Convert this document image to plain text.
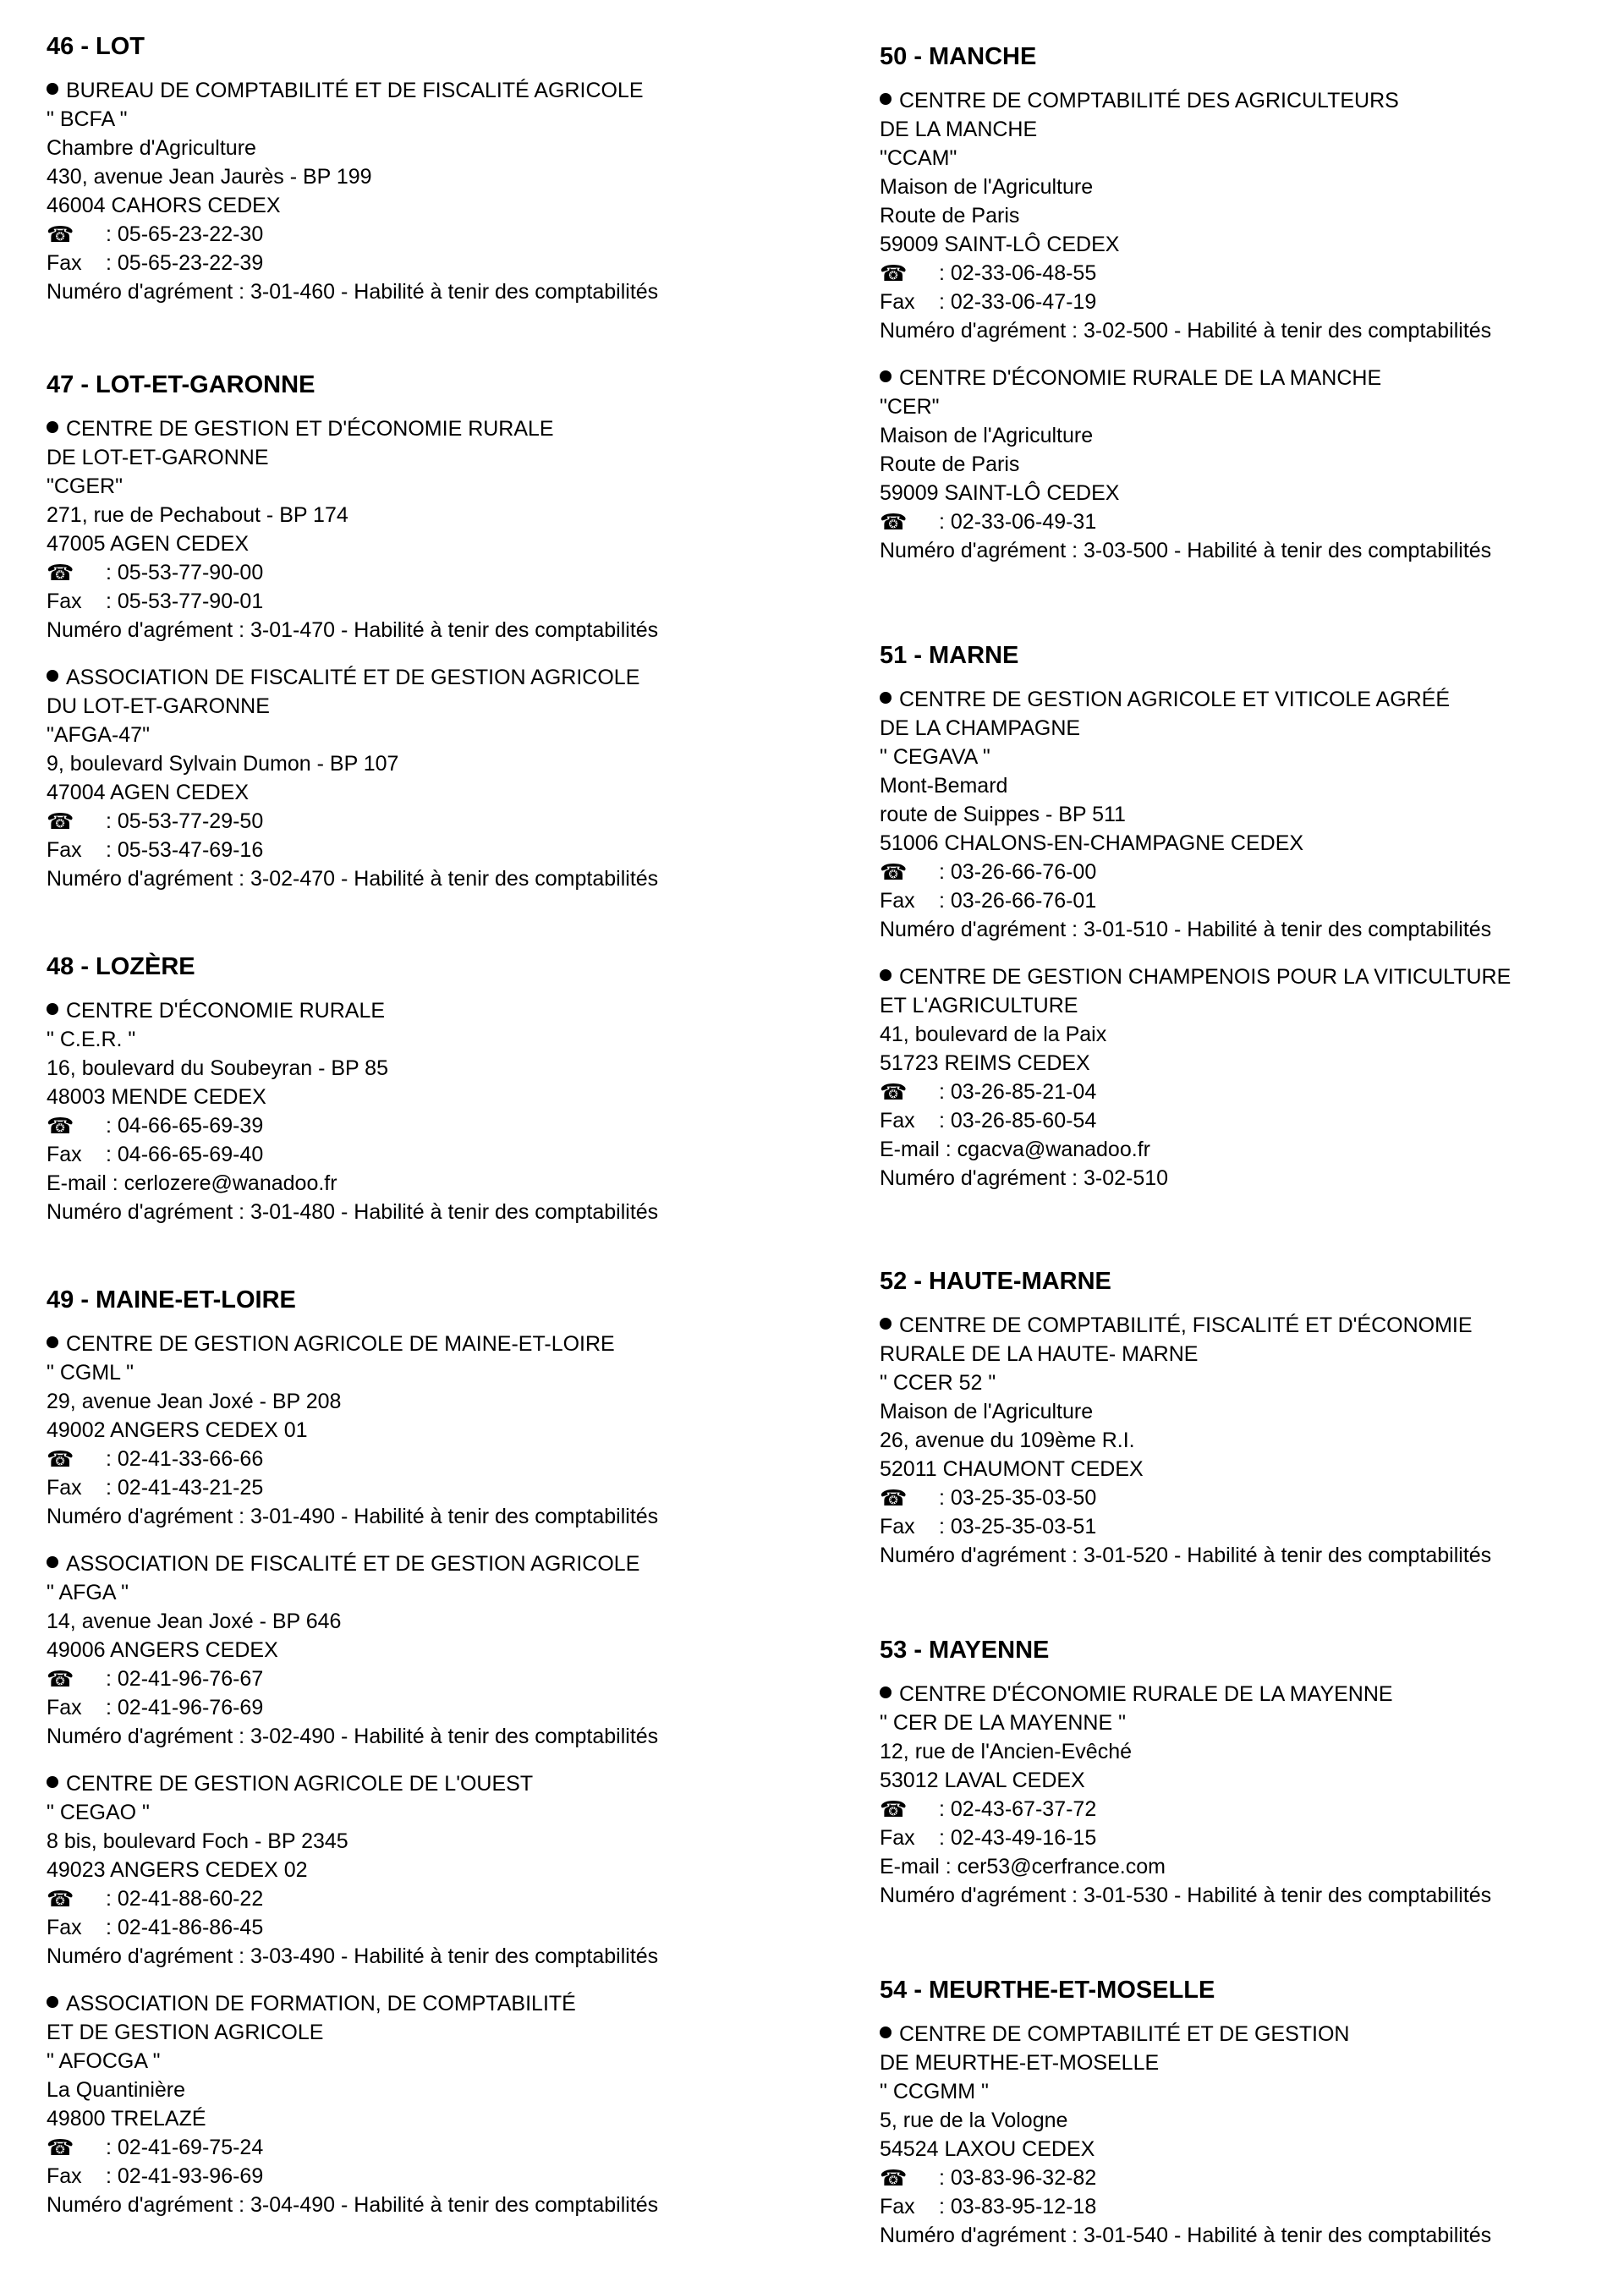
46 - LOT
BUREAU DE COMPTABILITÉ ET DE FISCALITÉ AGRICOLE
" BCFA "
Chambre d'Agriculture
430, avenue Jean Jaurès - BP 199
46004 CAHORS CEDEX
☎ : 05-65-23-22-30
Fax : 05-65-23-22-39
Numéro d'agrément : 3-01-460 - Habilité à tenir des comptabilités
47 - LOT-ET-GARONNE
CENTRE DE GESTION ET D'ÉCONOMIE RURALE
DE LOT-ET-GARONNE
"CGER"
271, rue de Pechabout - BP 174
47005 AGEN CEDEX
☎ : 05-53-77-90-00
Fax : 05-53-77-90-01
Numéro d'agrément : 3-01-470 - Habilité à tenir des comptabilités
ASSOCIATION DE FISCALITÉ ET DE GESTION AGRICOLE
DU LOT-ET-GARONNE
"AFGA-47"
9, boulevard Sylvain Dumon - BP 107
47004 AGEN CEDEX
☎ : 05-53-77-29-50
Fax : 05-53-47-69-16
Numéro d'agrément : 3-02-470 - Habilité à tenir des comptabilités
48 - LOZÈRE
CENTRE D'ÉCONOMIE RURALE
" C.E.R. "
16, boulevard du Soubeyran - BP 85
48003 MENDE CEDEX
☎ : 04-66-65-69-39
Fax : 04-66-65-69-40
E-mail : cerlozere@wanadoo.fr
Numéro d'agrément : 3-01-480 - Habilité à tenir des comptabilités
49 - MAINE-ET-LOIRE
CENTRE DE GESTION AGRICOLE DE MAINE-ET-LOIRE
" CGML "
29, avenue Jean Joxé - BP 208
49002 ANGERS CEDEX 01
☎ : 02-41-33-66-66
Fax : 02-41-43-21-25
Numéro d'agrément : 3-01-490 - Habilité à tenir des comptabilités
ASSOCIATION DE FISCALITÉ ET DE GESTION AGRICOLE
" AFGA "
14, avenue Jean Joxé - BP 646
49006 ANGERS CEDEX
☎ : 02-41-96-76-67
Fax : 02-41-96-76-69
Numéro d'agrément : 3-02-490 - Habilité à tenir des comptabilités
CENTRE DE GESTION AGRICOLE DE L'OUEST
" CEGAO "
8 bis, boulevard Foch - BP 2345
49023 ANGERS CEDEX 02
☎ : 02-41-88-60-22
Fax : 02-41-86-86-45
Numéro d'agrément : 3-03-490 - Habilité à tenir des comptabilités
ASSOCIATION DE FORMATION, DE COMPTABILITÉ
ET DE GESTION AGRICOLE
" AFOCGA "
La Quantinière
49800 TRELAZÉ
☎ : 02-41-69-75-24
Fax : 02-41-93-96-69
Numéro d'agrément : 3-04-490 - Habilité à tenir des comptabilités
50 - MANCHE
CENTRE DE COMPTABILITÉ DES AGRICULTEURS
DE LA MANCHE
"CCAM"
Maison de l'Agriculture
Route de Paris
59009 SAINT-LÔ CEDEX
☎ : 02-33-06-48-55
Fax : 02-33-06-47-19
Numéro d'agrément : 3-02-500 - Habilité à tenir des comptabilités
CENTRE D'ÉCONOMIE RURALE DE LA MANCHE
"CER"
Maison de l'Agriculture
Route de Paris
59009 SAINT-LÔ CEDEX
☎ : 02-33-06-49-31
Numéro d'agrément : 3-03-500 - Habilité à tenir des comptabilités
51 - MARNE
CENTRE DE GESTION AGRICOLE ET VITICOLE AGRÉÉ
DE LA CHAMPAGNE
" CEGAVA "
Mont-Bemard
route de Suippes - BP 511
51006 CHALONS-EN-CHAMPAGNE CEDEX
☎ : 03-26-66-76-00
Fax : 03-26-66-76-01
Numéro d'agrément : 3-01-510 - Habilité à tenir des comptabilités
CENTRE DE GESTION CHAMPENOIS POUR LA VITICULTURE
ET L'AGRICULTURE
41, boulevard de la Paix
51723 REIMS CEDEX
☎ : 03-26-85-21-04
Fax : 03-26-85-60-54
E-mail : cgacva@wanadoo.fr
Numéro d'agrément : 3-02-510
52 - HAUTE-MARNE
CENTRE DE COMPTABILITÉ, FISCALITÉ ET D'ÉCONOMIE
RURALE DE LA HAUTE- MARNE
" CCER 52 "
Maison de l'Agriculture
26, avenue du 109ème R.I.
52011 CHAUMONT CEDEX
☎ : 03-25-35-03-50
Fax : 03-25-35-03-51
Numéro d'agrément : 3-01-520 - Habilité à tenir des comptabilités
53 - MAYENNE
CENTRE D'ÉCONOMIE RURALE DE LA MAYENNE
" CER DE LA MAYENNE "
12, rue de l'Ancien-Evêché
53012 LAVAL CEDEX
☎ : 02-43-67-37-72
Fax : 02-43-49-16-15
E-mail : cer53@cerfrance.com
Numéro d'agrément : 3-01-530 - Habilité à tenir des comptabilités
54 - MEURTHE-ET-MOSELLE
CENTRE DE COMPTABILITÉ ET DE GESTION
DE MEURTHE-ET-MOSELLE
" CCGMM "
5, rue de la Vologne
54524 LAXOU CEDEX
☎ : 03-83-96-32-82
Fax : 03-83-95-12-18
Numéro d'agrément : 3-01-540 - Habilité à tenir des comptabilités
